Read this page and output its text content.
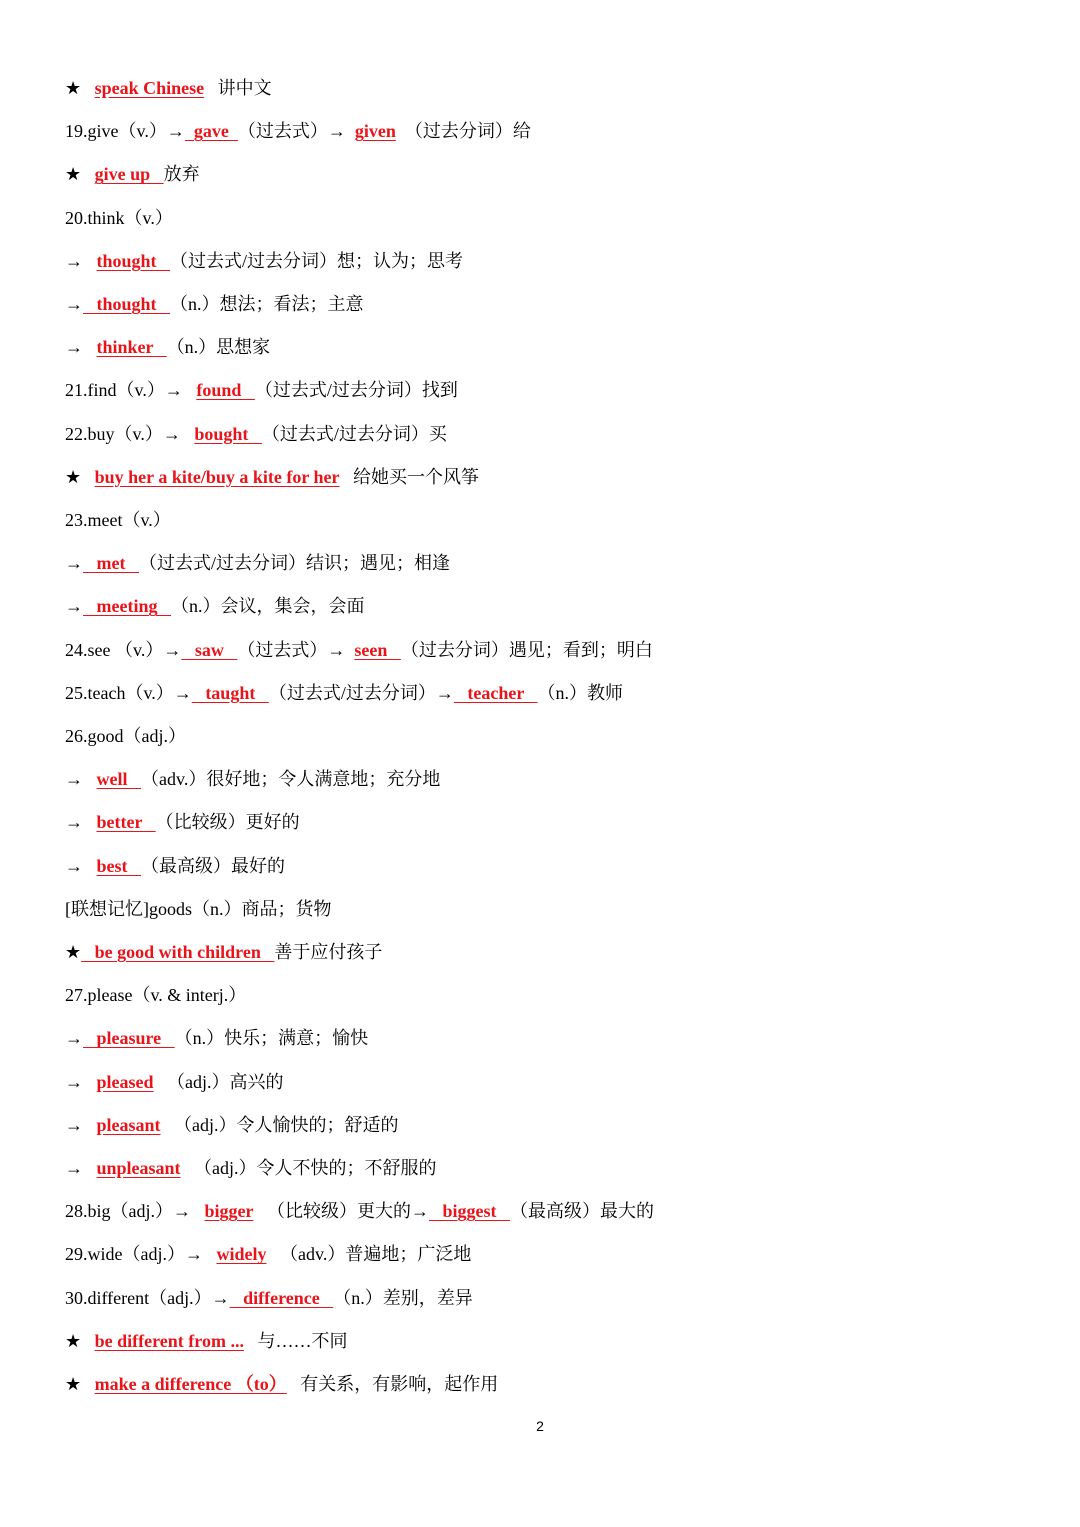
★   speak Chinese   讲中文
19.give（v.）→  gave  （过去式）→  given  （过去分词）给
★   give up   放弃
20.think（v.）
→   thought   （过去式/过去分词）想；认为；思考
→   thought   （n.）想法；看法；主意
→   thinker   （n.）思想家
21.find（v.）→   found   （过去式/过去分词）找到
22.buy（v.）→   bought   （过去式/过去分词）买
★   buy her a kite/buy a kite for her   给她买一个风筝
23.meet（v.）
→   met   （过去式/过去分词）结识；遇见；相逢
→   meeting   （n.）会议，集会，会面
24.see （v.）→   saw   （过去式）→  seen   （过去分词）遇见；看到；明白
25.teach（v.）→   taught   （过去式/过去分词）→   teacher   （n.）教师
26.good（adj.）
→   well   （adv.）很好地；令人满意地；充分地
→   better   （比较级）更好的
→   best   （最高级）最好的
[联想记忆]goods（n.）商品；货物
★   be good with children   善于应付孩子
27.please（v. & interj.）
→   pleasure   （n.）快乐；满意；愉快
→   pleased   （adj.）高兴的
→   pleasant   （adj.）令人愉快的；舒适的
→   unpleasant   （adj.）令人不快的；不舒服的
28.big（adj.）→   bigger   （比较级）更大的→   biggest   （最高级）最大的
29.wide（adj.）→   widely   （adv.）普遍地；广泛地
30.different（adj.）→   difference   （n.）差别，差异
★   be different from ...   与……不同
★   make a difference （to）   有关系，有影响，起作用
2
